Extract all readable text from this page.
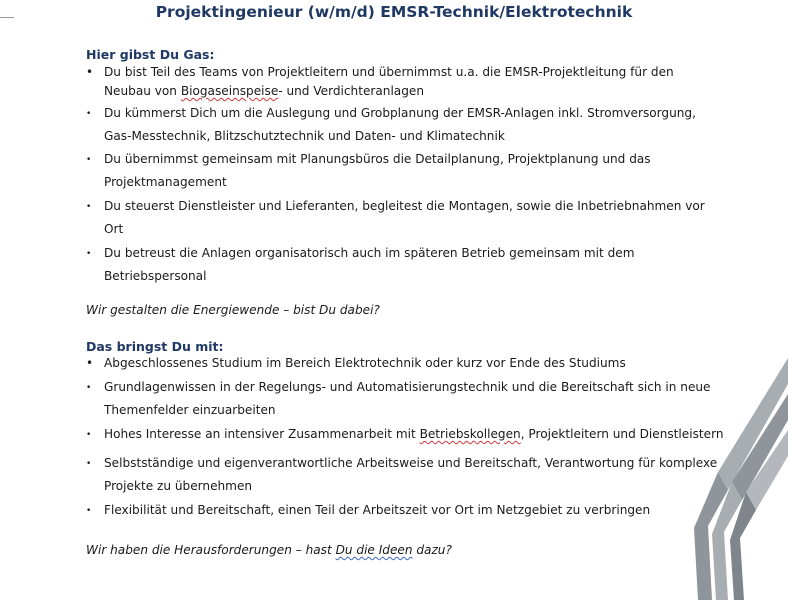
Projektingenieur (w/m/d) EMSR-Technik/Elektrotechnik
Hier gibst Du Gas:
• Du bist Teil des Teams von Projektleitern und übernimmst u.a. die EMSR-Projektleitung für den
Neubau von Biogaseinspeise- und Verdichteranlagen
• Du kümmerst Dich um die Auslegung und Grobplanung der EMSR-Anlagen inkl. Stromversorgung,
Gas-Messtechnik, Blitzschutztechnik und Daten- und Klimatechnik
• Du übernimmst gemeinsam mit Planungsbüros die Detailplanung, Projektplanung und das
Projektmanagement
• Du steuerst Dienstleister und Lieferanten, begleitest die Montagen, sowie die Inbetriebnahmen vor
Ort
• Du betreust die Anlagen organisatorisch auch im späteren Betrieb gemeinsam mit dem
Betriebspersonal
Wir gestalten die Energiewende – bist Du dabei?
Das bringst Du mit:
• Abgeschlossenes Studium im Bereich Elektrotechnik oder kurz vor Ende des Studiums
• Grundlagenwissen in der Regelungs- und Automatisierungstechnik und die Bereitschaft sich in neue
Themenfelder einzuarbeiten
• Hohes Interesse an intensiver Zusammenarbeit mit Betriebskollegen, Projektleitern und Dienstleistern
• Selbstständige und eigenverantwortliche Arbeitsweise und Bereitschaft, Verantwortung für komplexe
Projekte zu übernehmen
• Flexibilität und Bereitschaft, einen Teil der Arbeitszeit vor Ort im Netzgebiet zu verbringen
Wir haben die Herausforderungen – hast Du die Ideen dazu?
